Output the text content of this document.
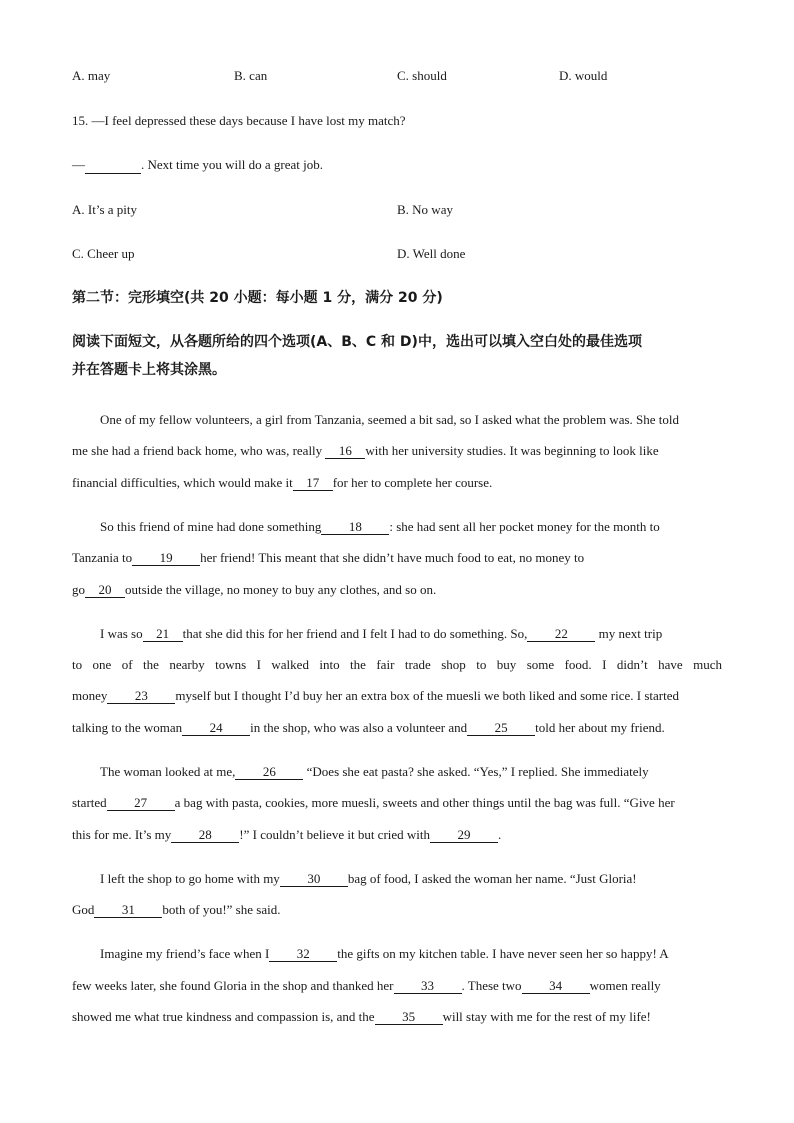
A. may	B. can	C. should	D. would
15. —I feel depressed these days because I have lost my match?
—	. Next time you will do a great job.
A. It’s a pity	B. No way
C. Cheer up	D. Well done
第二节：完形填空(共 20 小题：每小题 1 分，满分 20 分)
阅读下面短文，从各题所给的四个选项(A、B、C 和 D)中，选出可以填入空白处的最佳选项
并在答题卡上将其涂黑。
One of my fellow volunteers, a girl from Tanzania, seemed a bit sad, so I asked what the problem was. She told
me she had a friend back home, who was, really 16 with her university studies. It was beginning to look like
financial difficulties, which would make it 17 for her to complete her course.
So this friend of mine had done something 18 : she had sent all her pocket money for the month to
Tanzania to 19 her friend! This meant that she didn’t have much food to eat, no money to
go 20 outside the village, no money to buy any clothes, and so on.
I was so 21 that she did this for her friend and I felt I had to do something. So, 22 my next trip
to one of the nearby towns I walked into the fair trade shop to buy some food. I didn’t have much
money 23 myself but I thought I’d buy her an extra box of the muesli we both liked and some rice. I started
talking to the woman 24 in the shop, who was also a volunteer and 25 told her about my friend.
The woman looked at me, 26 “Does she eat pasta? she asked. “Yes,” I replied. She immediately
started 27 a bag with pasta, cookies, more muesli, sweets and other things until the bag was full. “Give her
this for me. It’s my 28 !” I couldn’t believe it but cried with 29 .
I left the shop to go home with my 30 bag of food, I asked the woman her name. “Just Gloria!
God 31 both of you!” she said.
Imagine my friend’s face when I 32 the gifts on my kitchen table. I have never seen her so happy! A
few weeks later, she found Gloria in the shop and thanked her 33 . These two 34 women really
showed me what true kindness and compassion is, and the 35 will stay with me for the rest of my life!
